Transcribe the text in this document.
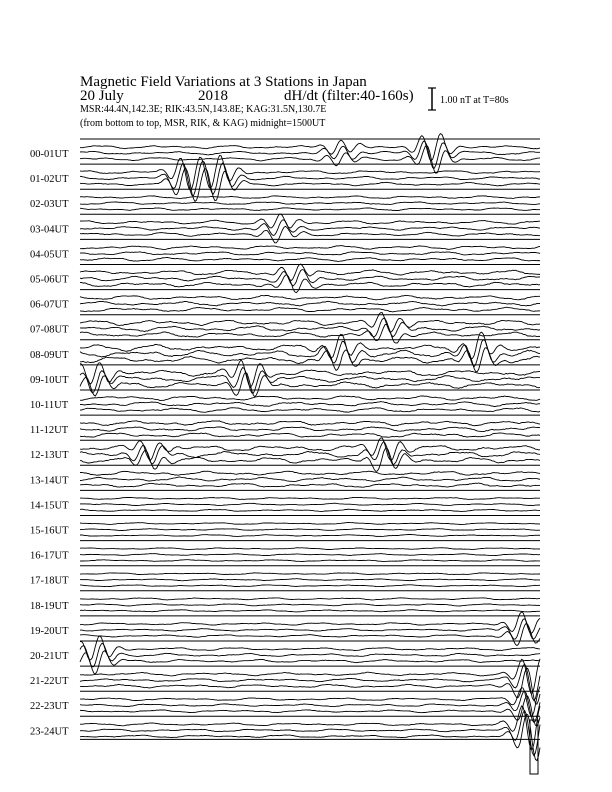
Magnetic Field Variations at 3 Stations in Japan
20 July	2018	dH/dt (filter:40-160s)
MSR:44.4N,142.3E; RIK:43.5N,143.8E; KAG:31.5N,130.7E
(from bottom to top, MSR, RIK, & KAG) midnight=1500UT
1.00 nT at T=80s
00-01UT
01-02UT
02-03UT
03-04UT
04-05UT
05-06UT
06-07UT
07-08UT
08-09UT
09-10UT
10-11UT
11-12UT
12-13UT
13-14UT
14-15UT
15-16UT
16-17UT
17-18UT
18-19UT
19-20UT
20-21UT
21-22UT
22-23UT
23-24UT
